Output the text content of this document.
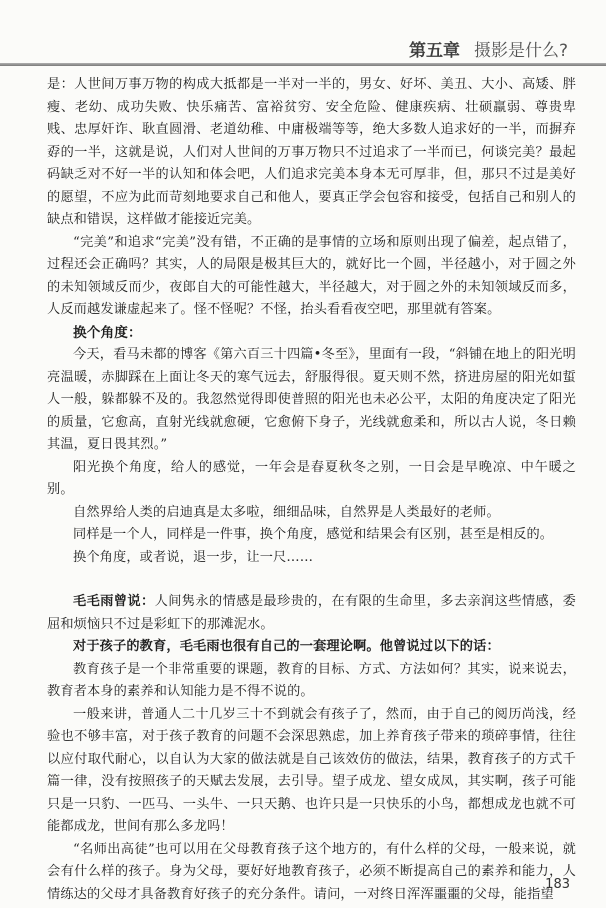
第五章 摄影是什么?

是：人世间万事万物的构成大抵都是一半对一半的，男女、好坏、美丑、大小、高矮、胖瘦、老幼、成功失败、快乐痛苦、富裕贫穷、安全危险、健康疾病、壮硕羸弱、尊贵卑贱、忠厚奸诈、耿直圆滑、老道幼稚、中庸极端等等，绝大多数人追求好的一半，而摒弃孬的一半，这就是说，人们对人世间的万事万物只不过追求了一半而已，何谈完美？最起码缺乏对不好一半的认知和体会吧，人们追求完美本身本无可厚非，但，那只不过是美好的愿望，不应为此而苛刻地要求自己和他人，要真正学会包容和接受，包括自己和别人的缺点和错误，这样做才能接近完美。

“完美”和追求“完美”没有错，不正确的是事情的立场和原则出现了偏差，起点错了，过程还会正确吗？其实，人的局限是极其巨大的，就好比一个圆，半径越小，对于圆之外的未知领域反而少，夜郎自大的可能性越大，半径越大，对于圆之外的未知领域反而多，人反而越发谦虚起来了。怪不怪呢？不怪，抬头看看夜空吧，那里就有答案。

换个角度：

今天，看马未都的博客《第六百三十四篇•冬至》，里面有一段，“斜铺在地上的阳光明亮温暖，赤脚踩在上面让冬天的寒气远去，舒服得很。夏天则不然，挤进房屋的阳光如蜇人一般，躲都躲不及的。我忽然觉得即使普照的阳光也未必公平，太阳的角度决定了阳光的质量，它愈高，直射光线就愈硬，它愈俯下身子，光线就愈柔和，所以古人说，冬日赖其温，夏日畏其烈。”

阳光换个角度，给人的感觉，一年会是春夏秋冬之别，一日会是早晚凉、中午暖之别。

自然界给人类的启迪真是太多啦，细细品味，自然界是人类最好的老师。

同样是一个人，同样是一件事，换个角度，感觉和结果会有区别，甚至是相反的。

换个角度，或者说，退一步，让一尺……

毛毛雨曾说：人间隽永的情感是最珍贵的，在有限的生命里，多去亲润这些情感，委屈和烦恼只不过是彩虹下的那滩泥水。

对于孩子的教育，毛毛雨也很有自己的一套理论啊。他曾说过以下的话：

教育孩子是一个非常重要的课题，教育的目标、方式、方法如何？其实，说来说去，教育者本身的素养和认知能力是不得不说的。

一般来讲，普通人二十几岁三十不到就会有孩子了，然而，由于自己的阅历尚浅，经验也不够丰富，对于孩子教育的问题不会深思熟虑，加上养育孩子带来的琐碎事情，往往以应付取代耐心，以自认为大家的做法就是自己该效仿的做法，结果，教育孩子的方式千篇一律，没有按照孩子的天赋去发展，去引导。望子成龙、望女成凤，其实啊，孩子可能只是一只豹、一匹马、一头牛、一只天鹅、也许只是一只快乐的小鸟，都想成龙也就不可能都成龙，世间有那么多龙吗！

“名师出高徒”也可以用在父母教育孩子这个地方的，有什么样的父母，一般来说，就会有什么样的孩子。身为父母，要好好地教育孩子，必须不断提高自己的素养和能力，人情练达的父母才具备教育好孩子的充分条件。请问，一对终日浑浑噩噩的父母，能指望

183
